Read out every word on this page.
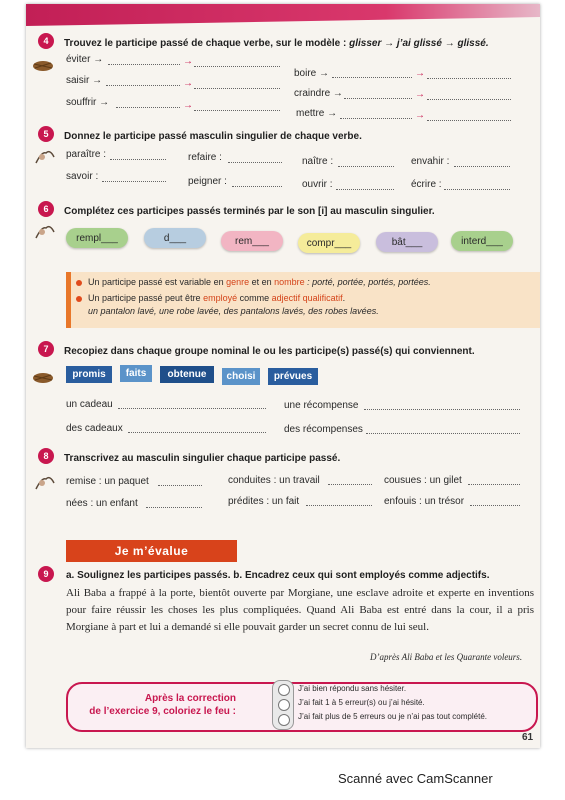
4	Trouvez le participe passé de chaque verbe, sur le modèle : glisser → j’ai glissé → glissé.
éviter →	→
boire →	→
saisir →	→
craindre →	→
souffrir →	→
mettre →	→
5	Donnez le participe passé masculin singulier de chaque verbe.
paraître :	refaire :	naître :	envahir :
savoir :	peigner :	ouvrir :	écrire :
6	Complétez ces participes passés terminés par le son [i] au masculin singulier.
rempl ___	d ___	rem ___	compr ___	bât ___	interd ___
Un participe passé est variable en genre et en nombre : porté, portée, portés, portées.
Un participe passé peut être employé comme adjectif qualificatif.
un pantalon lavé, une robe lavée, des pantalons lavés, des robes lavées.
7	Recopiez dans chaque groupe nominal le ou les participe(s) passé(s) qui conviennent.
promis	faits	obtenue	choisi	prévues
un cadeau	une récompense
des cadeaux	des récompenses
8	Transcrivez au masculin singulier chaque participe passé.
remise : un paquet	conduites : un travail	cousues : un gilet
nées : un enfant	prédites : un fait	enfouis : un trésor
Je m’évalue
9	a. Soulignez les participes passés. b. Encadrez ceux qui sont employés comme adjectifs.
Ali Baba a frappé à la porte, bientôt ouverte par Morgiane, une esclave adroite et experte en inventions pour faire réussir les choses les plus compliquées. Quand Ali Baba est entré dans la cour, il a pris Morgiane à part et lui a demandé si elle pouvait garder un secret connu de lui seul.
D’après Ali Baba et les Quarante voleurs.
Après la correction
de l’exercice 9, coloriez le feu :
J’ai bien répondu sans hésiter.
J’ai fait 1 à 5 erreur(s) ou j’ai hésité.
J’ai fait plus de 5 erreurs ou je n’ai pas tout complété.
61
Scanné avec CamScanner
